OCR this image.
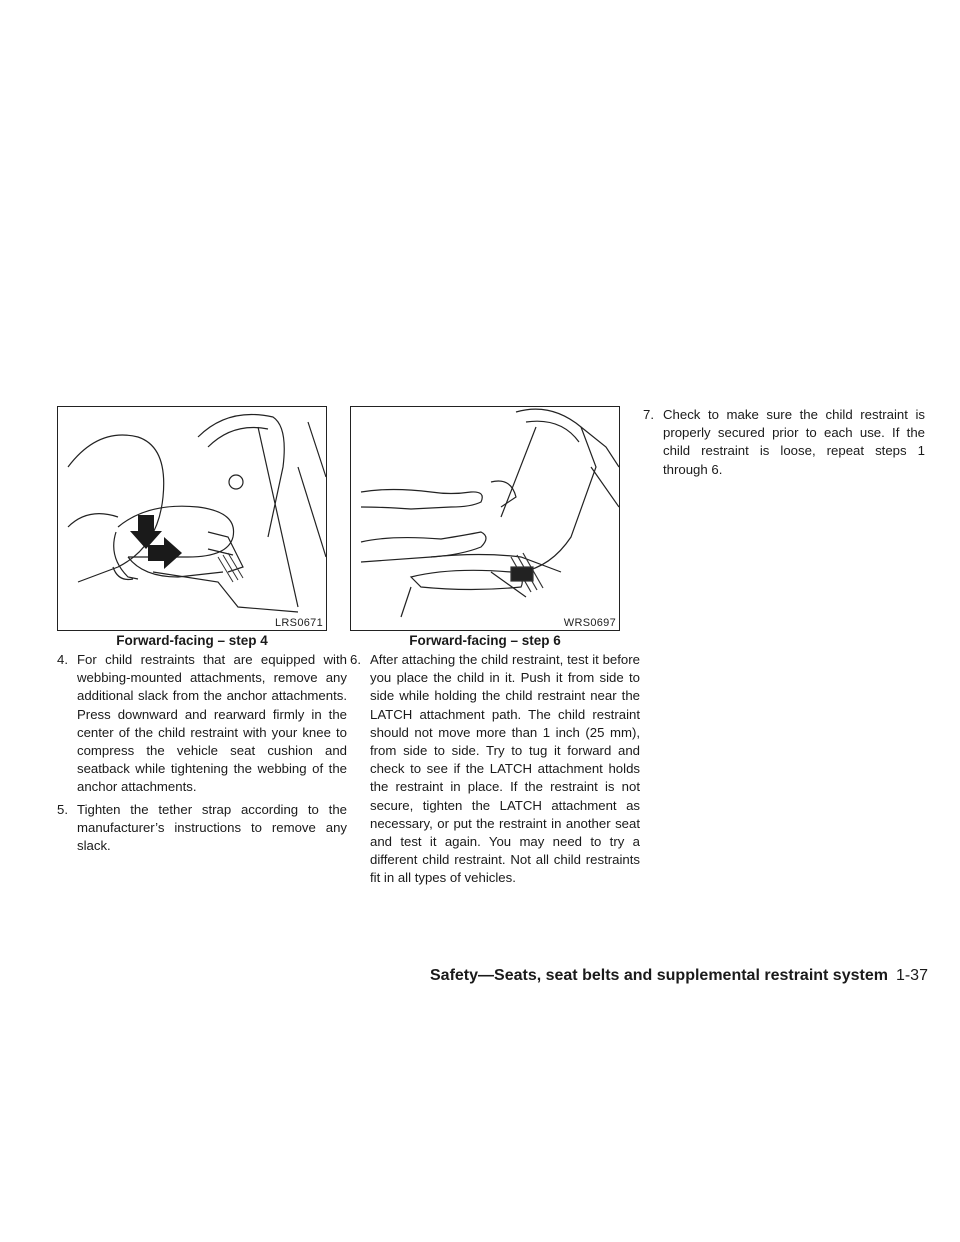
LRS0671
Forward-facing – step 4
WRS0697
Forward-facing – step 6
4. For child restraints that are equipped with webbing-mounted attachments, remove any additional slack from the anchor attachments. Press downward and rearward firmly in the center of the child restraint with your knee to compress the vehicle seat cushion and seatback while tightening the webbing of the anchor attachments.
5. Tighten the tether strap according to the manufacturer’s instructions to remove any slack.
6. After attaching the child restraint, test it before you place the child in it. Push it from side to side while holding the child restraint near the LATCH attachment path. The child restraint should not move more than 1 inch (25 mm), from side to side. Try to tug it forward and check to see if the LATCH attachment holds the restraint in place. If the restraint is not secure, tighten the LATCH attachment as necessary, or put the restraint in another seat and test it again. You may need to try a different child restraint. Not all child restraints fit in all types of vehicles.
7. Check to make sure the child restraint is properly secured prior to each use. If the child restraint is loose, repeat steps 1 through 6.
Safety—Seats, seat belts and supplemental restraint system 1-37
